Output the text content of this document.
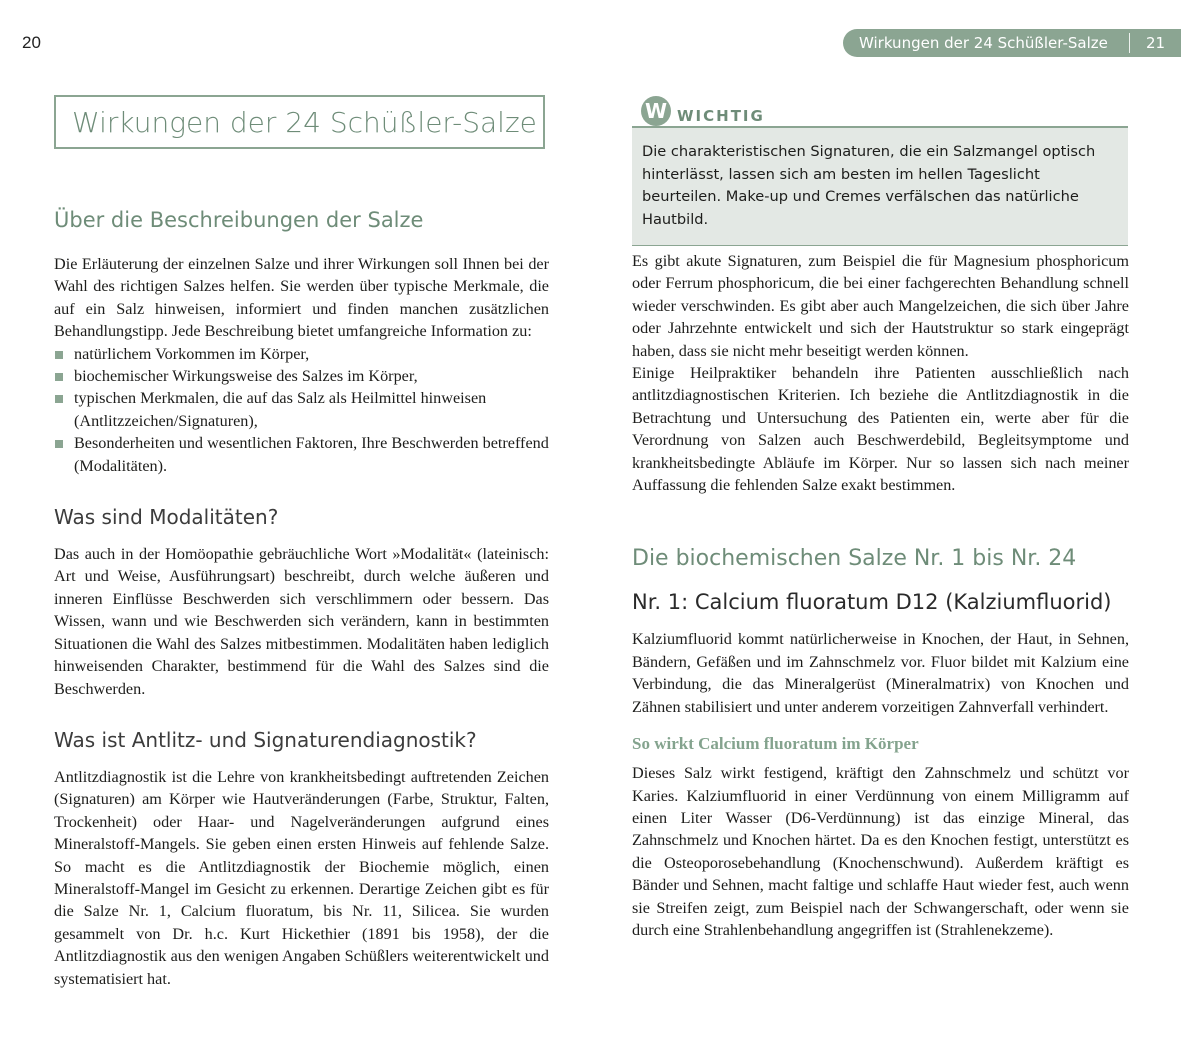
20	Wirkungen der 24 Schüßler-Salze	21
Wirkungen der 24 Schüßler-Salze
Über die Beschreibungen der Salze

Die Erläuterung der einzelnen Salze und ihrer Wirkungen soll Ihnen bei der Wahl des richtigen Salzes helfen. Sie werden über typische Merkmale, die auf ein Salz hinweisen, informiert und finden manchen zusätzlichen Behandlungstipp. Jede Beschreibung bietet umfangreiche Information zu:

natürlichem Vorkommen im Körper,
biochemischer Wirkungsweise des Salzes im Körper,
typischen Merkmalen, die auf das Salz als Heilmittel hinweisen (Antlitzzeichen/Signaturen),
Besonderheiten und wesentlichen Faktoren, Ihre Beschwerden betreffend (Modalitäten).
Was sind Modalitäten?

Das auch in der Homöopathie gebräuchliche Wort »Modalität« (lateinisch: Art und Weise, Ausführungsart) beschreibt, durch welche äußeren und inneren Einflüsse Beschwerden sich verschlimmern oder bessern. Das Wissen, wann und wie Beschwerden sich verändern, kann in bestimmten Situationen die Wahl des Salzes mitbestimmen. Modalitäten haben lediglich hinweisenden Charakter, bestimmend für die Wahl des Salzes sind die Beschwerden.

Was ist Antlitz- und Signaturendiagnostik?

Antlitzdiagnostik ist die Lehre von krankheitsbedingt auftretenden Zeichen (Signaturen) am Körper wie Hautveränderungen (Farbe, Struktur, Falten, Trockenheit) oder Haar- und Nagelveränderungen aufgrund eines Mineralstoff-Mangels. Sie geben einen ersten Hinweis auf fehlende Salze. So macht es die Antlitzdiagnostik der Biochemie möglich, einen Mineralstoff-Mangel im Gesicht zu erkennen. Derartige Zeichen gibt es für die Salze Nr. 1, Calcium fluoratum, bis Nr. 11, Silicea. Sie wurden gesammelt von Dr. h.c. Kurt Hickethier (1891 bis 1958), der die Antlitzdiagnostik aus den wenigen Angaben Schüßlers weiterentwickelt und systematisiert hat.

W WICHTIG
Die charakteristischen Signaturen, die ein Salzmangel optisch hinterlässt, lassen sich am besten im hellen Tageslicht beurteilen. Make-up und Cremes verfälschen das natürliche Hautbild.

Es gibt akute Signaturen, zum Beispiel die für Magnesium phosphoricum oder Ferrum phosphoricum, die bei einer fachgerechten Behandlung schnell wieder verschwinden. Es gibt aber auch Mangelzeichen, die sich über Jahre oder Jahrzehnte entwickelt und sich der Hautstruktur so stark eingeprägt haben, dass sie nicht mehr beseitigt werden können.

Einige Heilpraktiker behandeln ihre Patienten ausschließlich nach antlitzdiagnostischen Kriterien. Ich beziehe die Antlitzdiagnostik in die Betrachtung und Untersuchung des Patienten ein, werte aber für die Verordnung von Salzen auch Beschwerdebild, Begleitsymptome und krankheitsbedingte Abläufe im Körper. Nur so lassen sich nach meiner Auffassung die fehlenden Salze exakt bestimmen.

Die biochemischen Salze Nr. 1 bis Nr. 24
Nr. 1: Calcium fluoratum D12 (Kalziumfluorid)

Kalziumfluorid kommt natürlicherweise in Knochen, der Haut, in Sehnen, Bändern, Gefäßen und im Zahnschmelz vor. Fluor bildet mit Kalzium eine Verbindung, die das Mineralgerüst (Mineralmatrix) von Knochen und Zähnen stabilisiert und unter anderem vorzeitigen Zahnverfall verhindert.

So wirkt Calcium fluoratum im Körper

Dieses Salz wirkt festigend, kräftigt den Zahnschmelz und schützt vor Karies. Kalziumfluorid in einer Verdünnung von einem Milligramm auf einen Liter Wasser (D6-Verdünnung) ist das einzige Mineral, das Zahnschmelz und Knochen härtet. Da es den Knochen festigt, unterstützt es die Osteoporosebehandlung (Knochenschwund). Außerdem kräftigt es Bänder und Sehnen, macht faltige und schlaffe Haut wieder fest, auch wenn sie Streifen zeigt, zum Beispiel nach der Schwangerschaft, oder wenn sie durch eine Strahlenbehandlung angegriffen ist (Strahlenekzeme).
